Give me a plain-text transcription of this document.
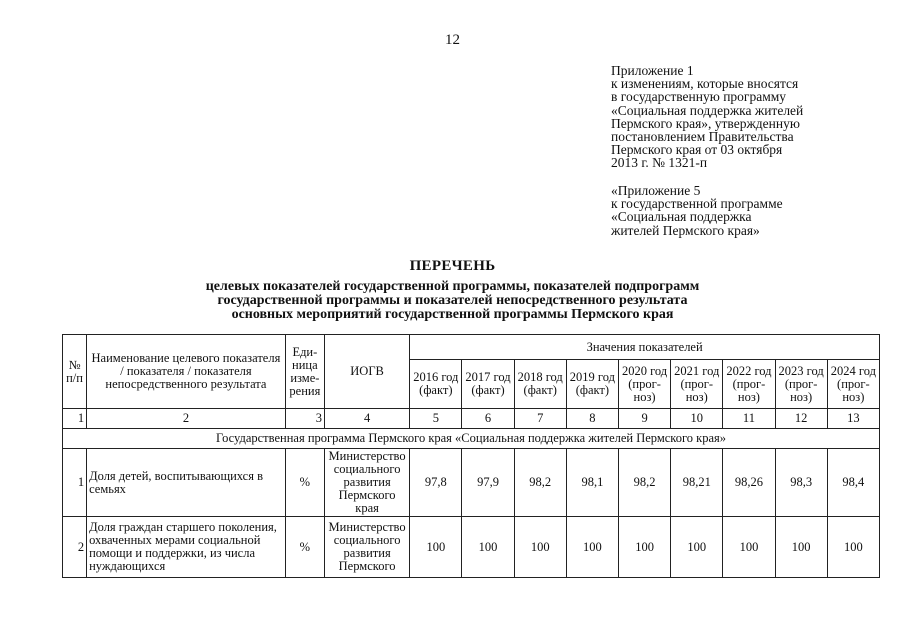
12
Приложение 1
к изменениям, которые вносятся
в государственную программу
«Социальная поддержка жителей
Пермского края», утвержденную
постановлением Правительства
Пермского края от 03 октября
2013 г. № 1321-п
«Приложение 5
к государственной программе
«Социальная поддержка
жителей Пермского края»
ПЕРЕЧЕНЬ
целевых показателей государственной программы, показателей подпрограмм
государственной программы и показателей непосредственного результата
основных мероприятий государственной программы Пермского края
№ п/п	Наименование целевого показателя / показателя / показателя непосредственного результата	Еди- ница изме- рения	ИОГВ	Значения показателей								
				2016 год (факт)	2017 год (факт)	2018 год (факт)	2019 год (факт)	2020 год (прог- ноз)	2021 год (прог- ноз)	2022 год (прог- ноз)	2023 год (прог- ноз)	2024 год (прог- ноз)
1	2	3	4	5	6	7	8	9	10	11	12	13
Государственная программа Пермского края «Социальная поддержка жителей Пермского края»												
1	Доля детей, воспитывающихся в семьях	%	Министерство социального развития Пермского края	97,8	97,9	98,2	98,1	98,2	98,21	98,26	98,3	98,4
2	Доля граждан старшего поколения, охваченных мерами социальной помощи и поддержки, из числа нуждающихся	%	Министерство социального развития Пермского	100	100	100	100	100	100	100	100	100
